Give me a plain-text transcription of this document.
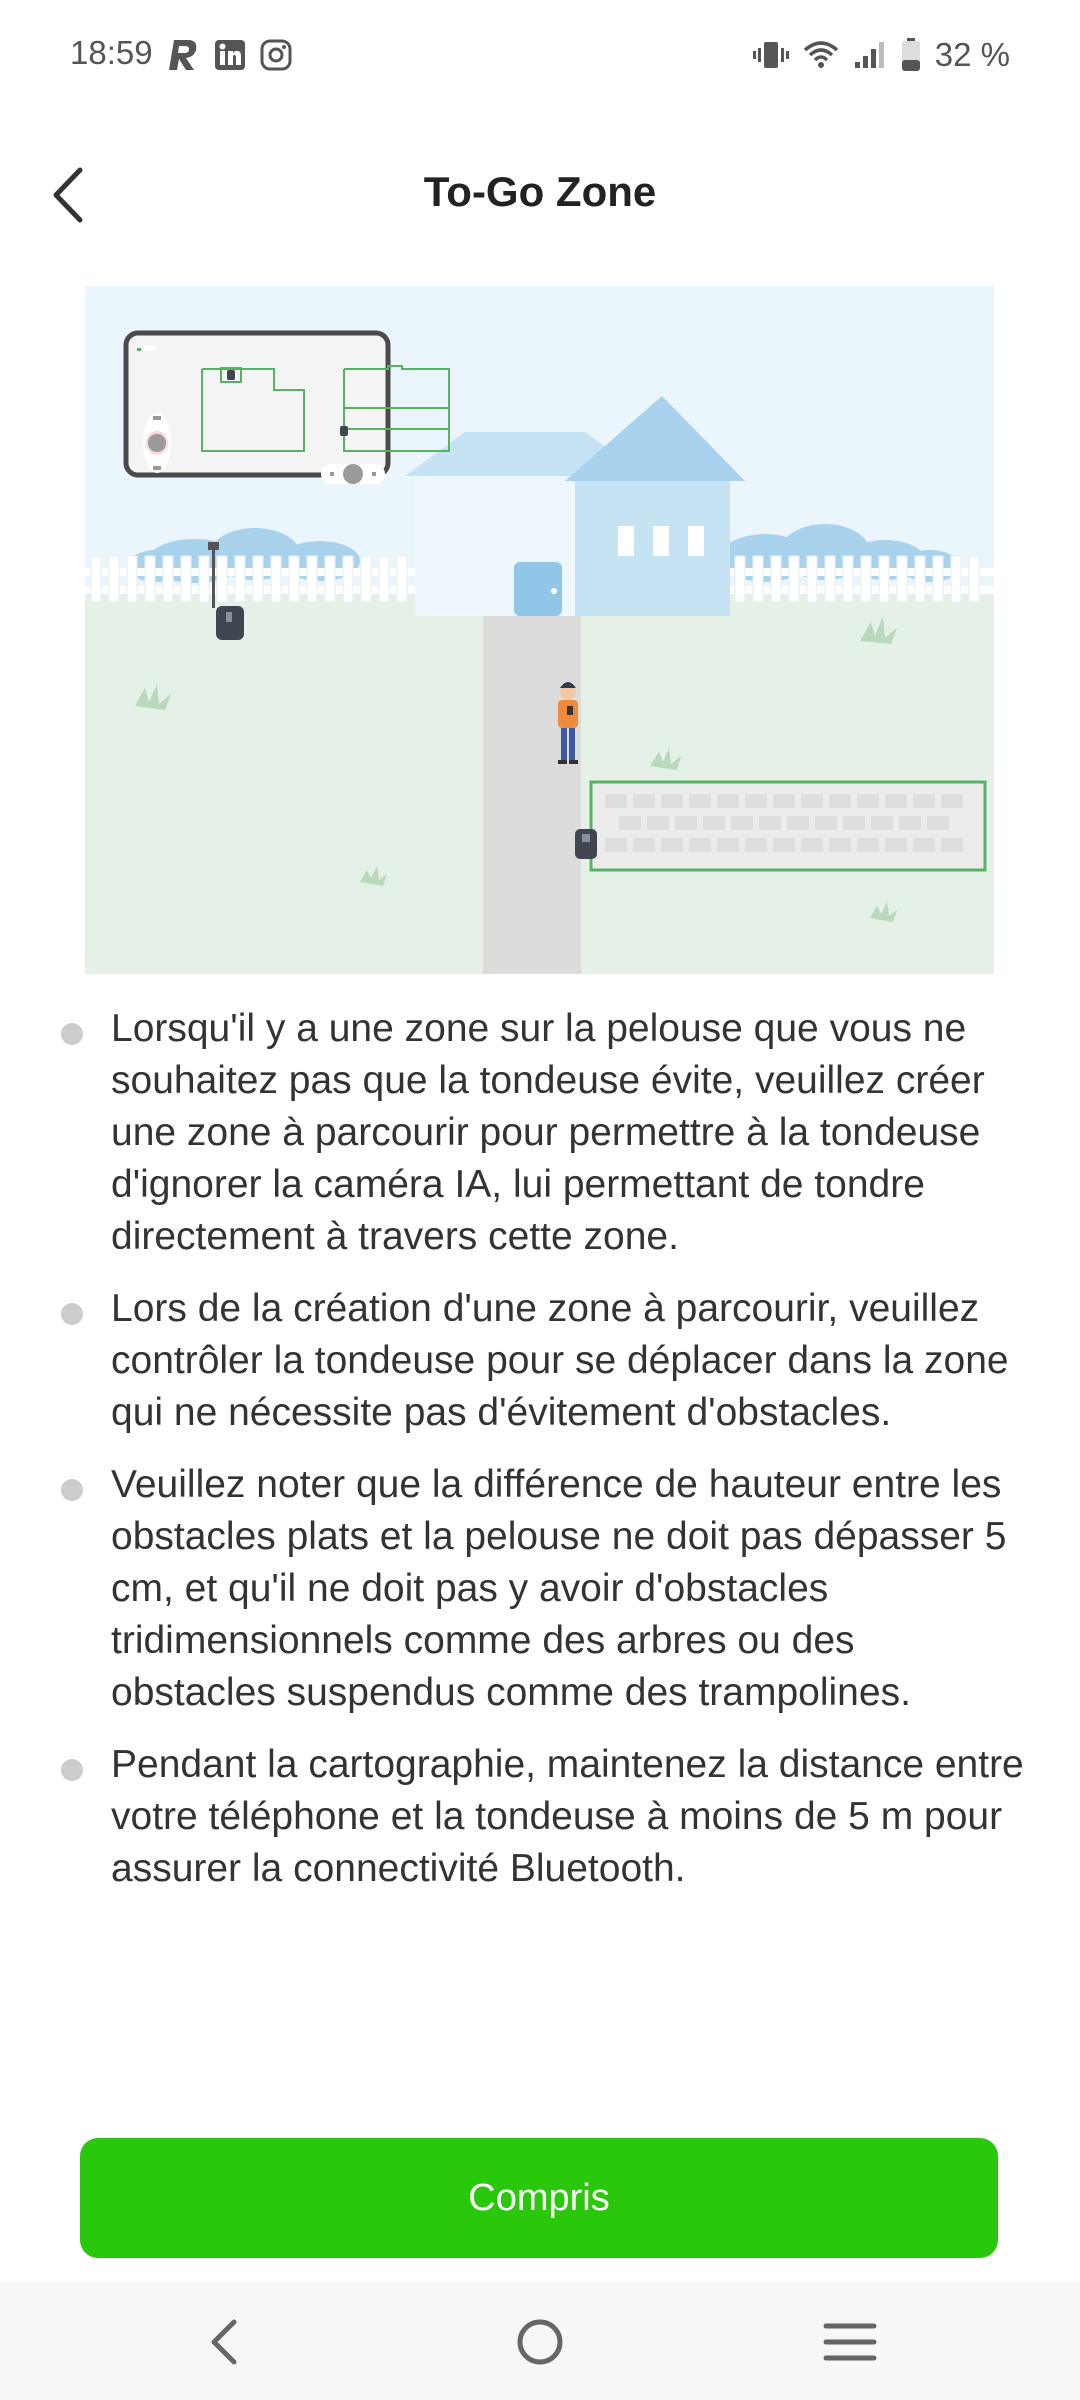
18:59	32 %
To-Go Zone
Lorsqu'il y a une zone sur la pelouse que vous ne souhaitez pas que la tondeuse évite, veuillez créer une zone à parcourir pour permettre à la tondeuse d'ignorer la caméra IA, lui permettant de tondre directement à travers cette zone.
Lors de la création d'une zone à parcourir, veuillez contrôler la tondeuse pour se déplacer dans la zone qui ne nécessite pas d'évitement d'obstacles.
Veuillez noter que la différence de hauteur entre les obstacles plats et la pelouse ne doit pas dépasser 5 cm, et qu'il ne doit pas y avoir d'obstacles tridimensionnels comme des arbres ou des obstacles suspendus comme des trampolines.
Pendant la cartographie, maintenez la distance entre votre téléphone et la tondeuse à moins de 5 m pour assurer la connectivité Bluetooth.
Compris
